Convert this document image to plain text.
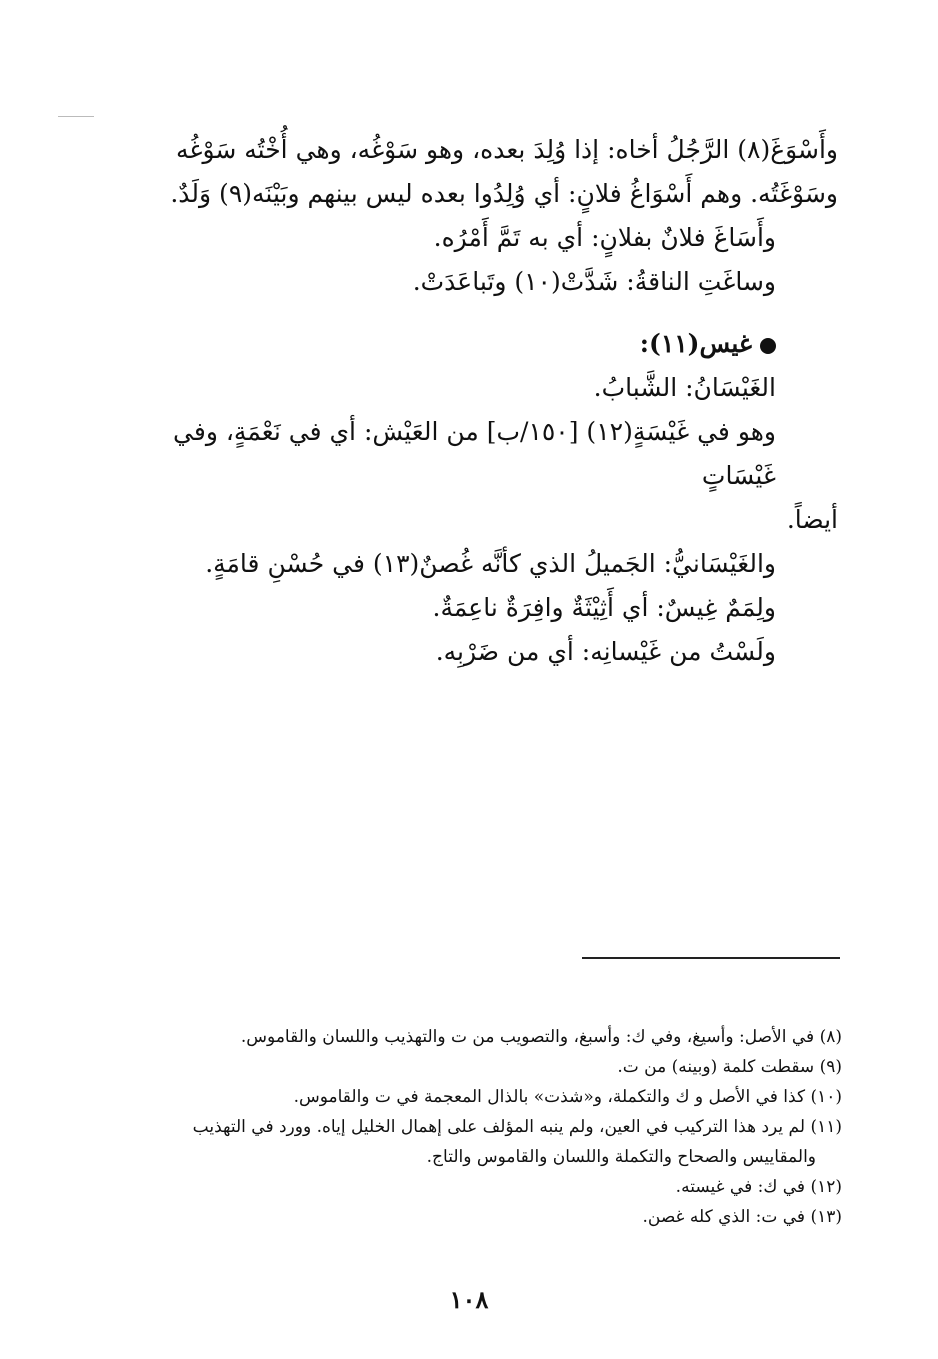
وأَسْوَغَ(٨) الرَّجُلُ أخاه: إذا وُلِدَ بعده، وهو سَوْغُه، وهي أُخْتُه سَوْغُه
وسَوْغَتُه. وهم أَسْوَاغُ فلانٍ: أي وُلِدُوا بعده ليس بينهم وبَيْنَه(٩) وَلَدٌ.

وأَسَاغَ فلانٌ بفلانٍ: أي به تَمَّ أَمْرُه.

وساغَتِ الناقةُ: شَدَّتْ(١٠) وتَباعَدَتْ.

غيس(١١):

الغَيْسَانُ: الشَّبابُ.

وهو في غَيْسَةٍ(١٢) [١٥٠/ب] من العَيْش: أي في نَعْمَةٍ، وفي غَيْسَاتٍ

أيضاً.

والغَيْسَانيُّ: الجَميلُ الذي كأنَّه غُصنٌ(١٣) في حُسْنِ قامَةٍ.

ولِمَمٌ غِيسٌ: أي أَثِيْثَةٌ وافِرَةٌ ناعِمَةٌ.

ولَسْتُ من غَيْسانِه: أي من ضَرْبِه.

(٨) في الأصل: وأسيغ، وفي ك: وأسبغ، والتصويب من ت والتهذيب واللسان والقاموس.

(٩) سقطت كلمة (وبينه) من ت.

(١٠) كذا في الأصل و ك والتكملة، و«شذت» بالذال المعجمة في ت والقاموس.

(١١) لم يرد هذا التركيب في العين، ولم ينبه المؤلف على إهمال الخليل إياه. وورد في التهذيب

والمقاييس والصحاح والتكملة واللسان والقاموس والتاج.

(١٢) في ك: في غيسته.

(١٣) في ت: الذي كله غصن.

١٠٨
